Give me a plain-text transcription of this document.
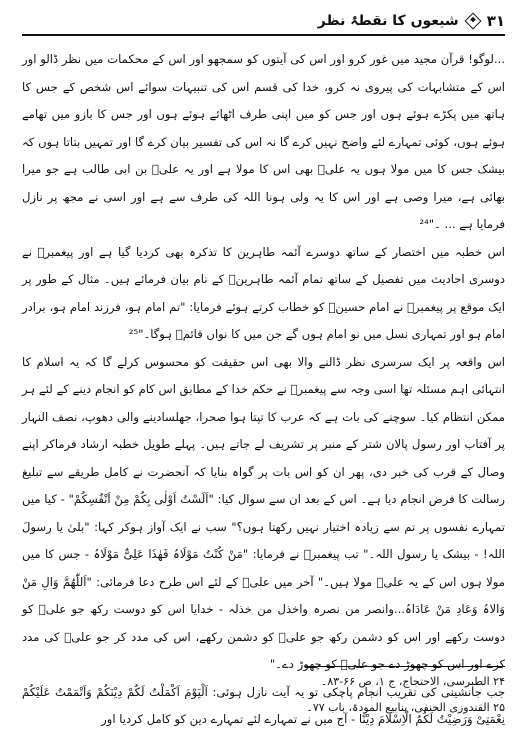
۳۱
شیعوں کا نقطۂ نظر

...لوگو! قرآن مجید میں غور کرو اور اس کی آیتوں کو سمجھو اور اس کے محکمات میں نظر ڈالو اور اس کے متشابہات کی پیروی نہ کرو، خدا کی قسم اس کی تنبیہات سوائے اس شخص کے جس کا ہاتھ میں پکڑے ہوئے ہوں اور جس کو میں اپنی طرف اٹھائے ہوئے ہوں اور جس کا بازو میں تھامے ہوئے ہوں، کوئی تمہارے لئے واضح نہیں کرے گا نہ اس کی تفسیر بیان کرے گا اور تمہیں بتاتا ہوں کہ بیشک جس کا میں مولا ہوں یہ علیؑ بھی اس کا مولا ہے اور یہ علیؑ بن ابی طالب ہے جو میرا بھائی ہے، میرا وصی ہے اور اس کا یہ ولی ہونا اللہ کی طرف سے ہے اور اسی نے مجھ پر نازل فرمایا ہے ... ۔"²⁴

اس خطبہ میں اختصار کے ساتھ دوسرے آئمہ طاہرین کا تذکرہ بھی کردیا گیا ہے اور پیغمبرؐ نے دوسری احادیث میں تفصیل کے ساتھ تمام آئمہ طاہرینؑ کے نام بیان فرمائے ہیں۔ مثال کے طور پر ایک موقع پر پیغمبرؐ نے امام حسینؑ کو خطاب کرتے ہوئے فرمایا: "تم امام ہو، فرزند امام ہو، برادر امام ہو اور تمہاری نسل میں نو امام ہوں گے جن میں کا نواں قائمؑ ہوگا۔"²⁵

اس واقعہ پر ایک سرسری نظر ڈالنے والا بھی اس حقیقت کو محسوس کرلے گا کہ یہ اسلام کا انتہائی اہم مسئلہ تھا اسی وجہ سے پیغمبرؐ نے حکم خدا کے مطابق اس کام کو انجام دینے کے لئے ہر ممکن انتظام کیا۔ سوچنے کی بات ہے کہ عرب کا تپتا ہوا صحرا، جھلسادینے والی دھوپ، نصف النہار پر آفتاب اور رسول پالان شتر کے منبر پر تشریف لے جاتے ہیں۔ پہلے طویل خطبہ ارشاد فرماکر اپنے وصال کے قرب کی خبر دی، پھر ان کو اس بات پر گواہ بنایا کہ آنحضرت نے کامل طریقے سے تبلیغ رسالت کا فرض انجام دیا ہے۔ اس کے بعد ان سے سوال کیا: "اَلَسْتُ اَوْلٰی بِکُمْ مِنْ اَنْفُسِکُمْ" - کیا میں تمہارے نفسوں پر تم سے زیادہ اختیار نہیں رکھتا ہوں؟" سب نے ایک آواز ہوکر کہا: "بلیٰ یا رسولَ اللہ! - بیشک یا رسول اللہ۔" تب پیغمبرؐ نے فرمایا: "مَنْ کُنْتُ مَوْلَاہُ فَھٰذَا عَلِیٌّ مَوْلَاہُ - جس کا میں مولا ہوں اس کے یہ علیؑ مولا ہیں۔" آخر میں علیؑ کے لئے اس طرح دعا فرمائی: "اَللّٰھُمَّ وَالِ مَنْ وَالاہُ وَعَادِ مَنْ عَادَاہُ...وانصر من نصرہ واخذل من خذلہ - خدایا اس کو دوست رکھ جو علیؑ کو دوست رکھے اور اس کو دشمن رکھ جو علیؑ کو دشمن رکھے، اس کی مدد کر جو علیؑ کی مدد کرے اور اس کو چھوڑ دے جو علیؑ کو چھوڑ دے۔"

جب جانشینی کی تقریب انجام پاچکی تو یہ آیت نازل ہوئی: اَلْیَوْمَ اَکْمَلْتُ لَکُمْ دِیْنَکُمْ وَاَتْمَمْتُ عَلَیْکُمْ نِعْمَتِیْ وَرَضِیْتُ لَکُمُ الْاِسْلَامَ دِیْنًا - آج میں نے تمہارے لئے تمہارے دین کو کامل کردیا اور

۲۴ الطبرسی، الاحتجاج، ج ۱، ص ۶۶-۸۳۔
۲۵ القندوزی الحنفی، ینابیع المودۃ، باب ۷۷۔
